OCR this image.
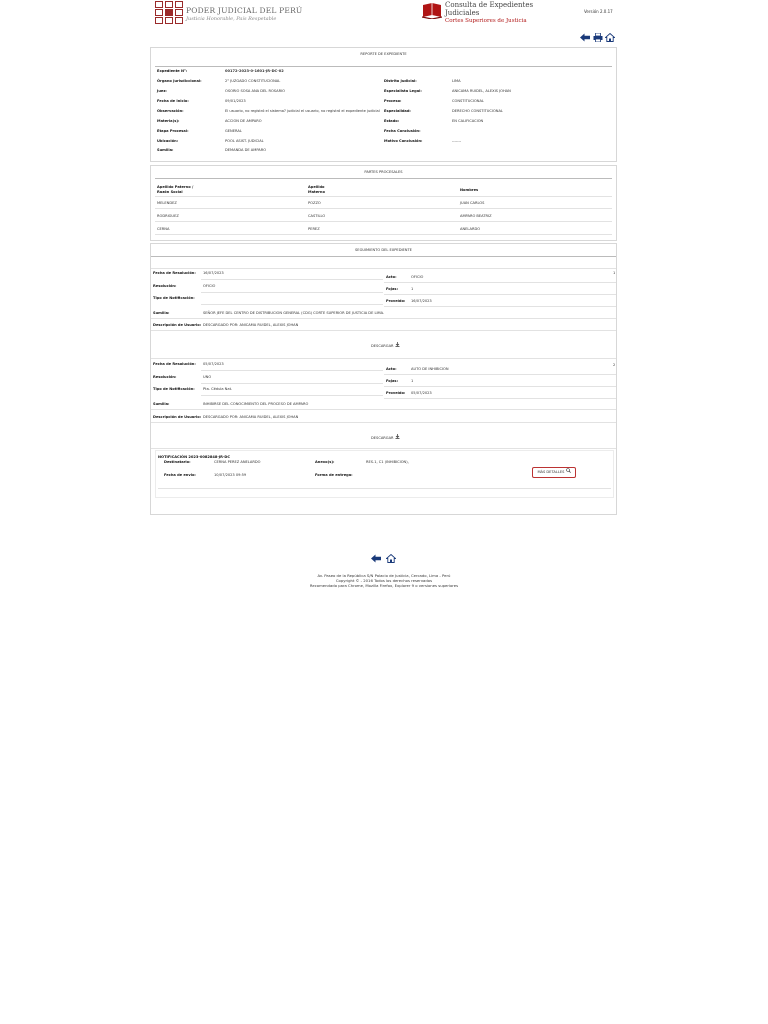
PODER JUDICIAL DEL PERÚ
Justicia Honorable, País Respetable
Consulta de Expedientes
Judiciales
Cortes Superiores de Justicia
Versión 2.0.17
REPORTE DE EXPEDIENTE
Expediente N°:	00172-2023-0-1601-JR-DC-02
Órgano Jurisdiccional:	2° JUZGADO CONSTITUCIONAL
Juez:	OSORIO SOSA ANA DEL ROSARIO
Fecha de Inicio:	09/01/2023
Observación:	El usuario, no registró el sistema? judicial el usuario, no registró el expediente judicial
Materia(s):	ACCION DE AMPARO
Etapa Procesal:	GENERAL
Ubicación:	POOL ASIST. JUDICIAL
Sumilla:	DEMANDA DE AMPARO
Distrito Judicial:	LIMA
Especialista Legal:	ANICAMA RUIDEL, ALEXIS JOHAN
Proceso:	CONSTITUCIONAL
Especialidad:	DERECHO CONSTITUCIONAL
Estado:	EN CALIFICACION
Fecha Conclusión:
Motivo Conclusión:	-------
PARTES PROCESALES
Apellido Paterno /
Razón Social
Apellido
Materno	Nombres
MELENDEZ	POZZO	JUAN CARLOS
RODRIGUEZ	CASTILLO	AMPARO BEATRIZ
CERNA	PEREZ	ANELARDO
SEGUIMIENTO DEL EXPEDIENTE
Fecha de Resolución: 16/07/2023
Resolución:	OFICIO
Tipo de Notificación:
1
Acto:	OFICIO
Fojas:	1
Proveído: 16/07/2023
Sumilla:	SEÑOR JEFE DEL CENTRO DE DISTRIBUCION GENERAL (CDG) CORTE SUPERIOR DE JUSTICIA DE LIMA.
Descripción de Usuario: DESCARGADO POR: ANICAMA RUIDEL, ALEXIS JOHAN
DESCARGAR
Fecha de Resolución: 05/07/2023
Resolución:	UNO
Tipo de Notificación: Pta. Cédula Nat.
2
Acto:	AUTO DE INHIBICION
Fojas:	1
Proveído: 05/07/2023
Sumilla:	INHIBIRSE DEL CONOCIMIENTO DEL PROCESO DE AMPARO
Descripción de Usuario: DESCARGADO POR: ANICAMA RUIDEL, ALEXIS JOHAN
DESCARGAR
NOTIFICACIÓN 2023-0082848-JR-DC
Destinatario:	CERNA PEREZ ANELARDO	Anexo(s):	RES.1, C1 (INHIBICION),
Fecha de envio:	10/07/2023 09:59	Forma de entrega:
MÁS DETALLES
Av. Paseo de la República S/N Palacio de Justicia, Cercado, Lima - Perú
Copyright © - 2016 Todos los derechos reservados
Recomendado para Chrome, Mozilla Firefox, Explorer 9 o versiones superiores
